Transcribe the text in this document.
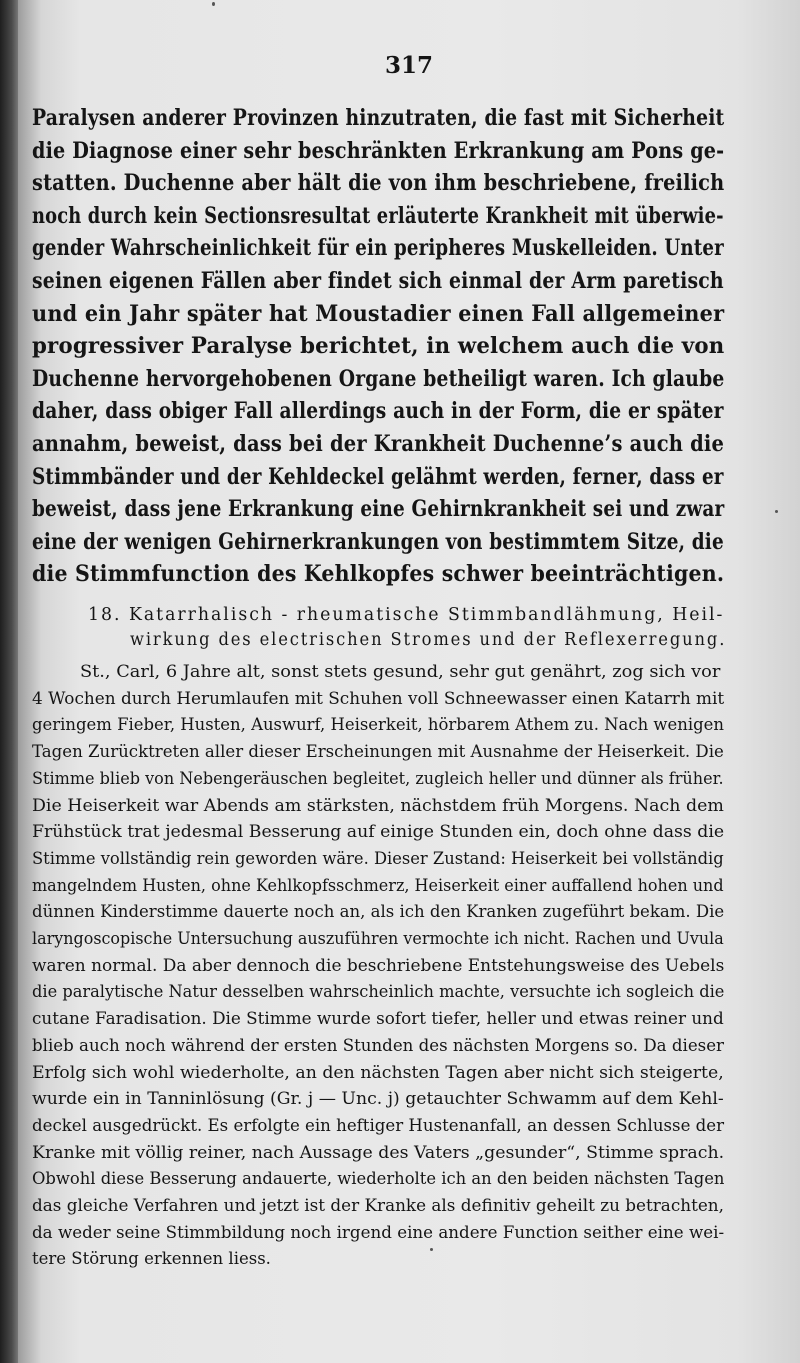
317
Paralysen anderer Provinzen hinzutraten, die fast mit Sicherheit
die Diagnose einer sehr beschränkten Erkrankung am Pons ge-
statten. Duchenne aber hält die von ihm beschriebene, freilich
noch durch kein Sectionsresultat erläuterte Krankheit mit überwie-
gender Wahrscheinlichkeit für ein peripheres Muskelleiden. Unter
seinen eigenen Fällen aber findet sich einmal der Arm paretisch
und ein Jahr später hat Moustadier einen Fall allgemeiner
progressiver Paralyse berichtet, in welchem auch die von
Duchenne hervorgehobenen Organe betheiligt waren. Ich glaube
daher, dass obiger Fall allerdings auch in der Form, die er später
annahm, beweist, dass bei der Krankheit Duchenne’s auch die
Stimmbänder und der Kehldeckel gelähmt werden, ferner, dass er
beweist, dass jene Erkrankung eine Gehirnkrankheit sei und zwar
eine der wenigen Gehirnerkrankungen von bestimmtem Sitze, die
die Stimmfunction des Kehlkopfes schwer beeinträchtigen.
18. Katarrhalisch - rheumatische Stimmbandlähmung, Heil-
wirkung des electrischen Stromes und der Reflexerregung.
St., Carl, 6 Jahre alt, sonst stets gesund, sehr gut genährt, zog sich vor
4 Wochen durch Herumlaufen mit Schuhen voll Schneewasser einen Katarrh mit
geringem Fieber, Husten, Auswurf, Heiserkeit, hörbarem Athem zu. Nach wenigen
Tagen Zurücktreten aller dieser Erscheinungen mit Ausnahme der Heiserkeit. Die
Stimme blieb von Nebengeräuschen begleitet, zugleich heller und dünner als früher.
Die Heiserkeit war Abends am stärksten, nächstdem früh Morgens. Nach dem
Frühstück trat jedesmal Besserung auf einige Stunden ein, doch ohne dass die
Stimme vollständig rein geworden wäre. Dieser Zustand: Heiserkeit bei vollständig
mangelndem Husten, ohne Kehlkopfsschmerz, Heiserkeit einer auffallend hohen und
dünnen Kinderstimme dauerte noch an, als ich den Kranken zugeführt bekam. Die
laryngoscopische Untersuchung auszuführen vermochte ich nicht. Rachen und Uvula
waren normal. Da aber dennoch die beschriebene Entstehungsweise des Uebels
die paralytische Natur desselben wahrscheinlich machte, versuchte ich sogleich die
cutane Faradisation. Die Stimme wurde sofort tiefer, heller und etwas reiner und
blieb auch noch während der ersten Stunden des nächsten Morgens so. Da dieser
Erfolg sich wohl wiederholte, an den nächsten Tagen aber nicht sich steigerte,
wurde ein in Tanninlösung (Gr. j — Unc. j) getauchter Schwamm auf dem Kehl-
deckel ausgedrückt. Es erfolgte ein heftiger Hustenanfall, an dessen Schlusse der
Kranke mit völlig reiner, nach Aussage des Vaters „gesunder“, Stimme sprach.
Obwohl diese Besserung andauerte, wiederholte ich an den beiden nächsten Tagen
das gleiche Verfahren und jetzt ist der Kranke als definitiv geheilt zu betrachten,
da weder seine Stimmbildung noch irgend eine andere Function seither eine wei-
tere Störung erkennen liess.
